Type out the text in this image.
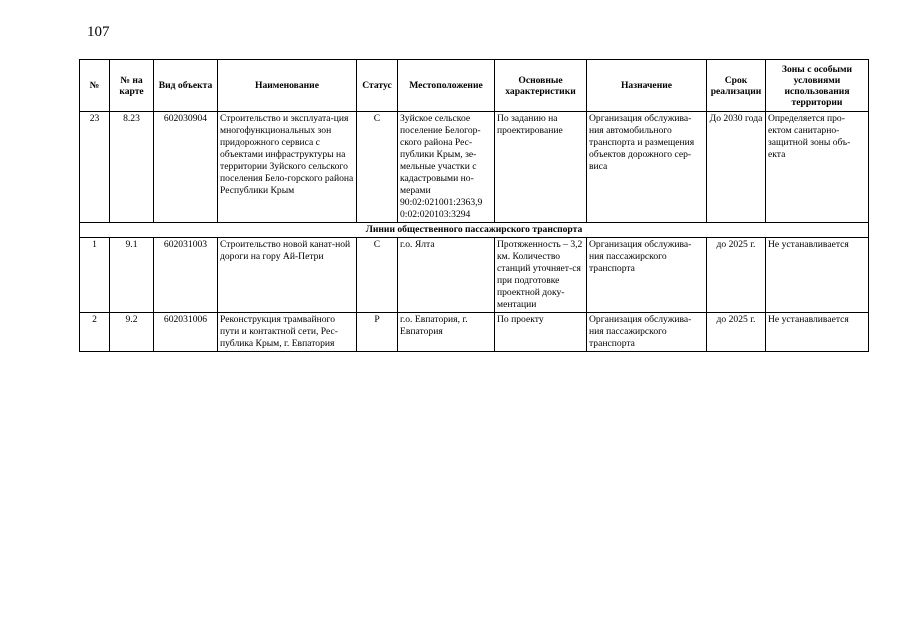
107
№	№ на карте	Вид объекта	Наименование	Статус	Местоположение	Основные характеристики	Назначение	Срок реализации	Зоны с особыми условиями использования территории
23	8.23	602030904	Строительство и эксплуата-ция многофункциональных зон придорожного сервиса с объектами инфраструктуры на территории Зуйского сельского поселения Бело-горского района Республики Крым	С	Зуйское сельское поселение Белогор-ского района Рес-публики Крым, зе-мельные участки с кадастровыми но-мерами 90:02:021001:2363,9 0:02:020103:3294	По заданию на проектирование	Организация обслужива-ния автомобильного транспорта и размещения объектов дорожного сер-виса	До 2030 года	Определяется про-ектом санитарно-защитной зоны объ-екта
Линии общественного пассажирского транспорта									
1	9.1	602031003	Строительство новой канат-ной дороги на гору Ай-Петри	С	г.о. Ялта	Протяженность – 3,2 км. Количество станций уточняет-ся при подготовке проектной доку-ментации	Организация обслужива-ния пассажирского транспорта	до 2025 г.	Не устанавливается
2	9.2	602031006	Реконструкция трамвайного пути и контактной сети, Рес-публика Крым, г. Евпатория	Р	г.о. Евпатория, г. Евпатория	По проекту	Организация обслужива-ния пассажирского транспорта	до 2025 г.	Не устанавливается
